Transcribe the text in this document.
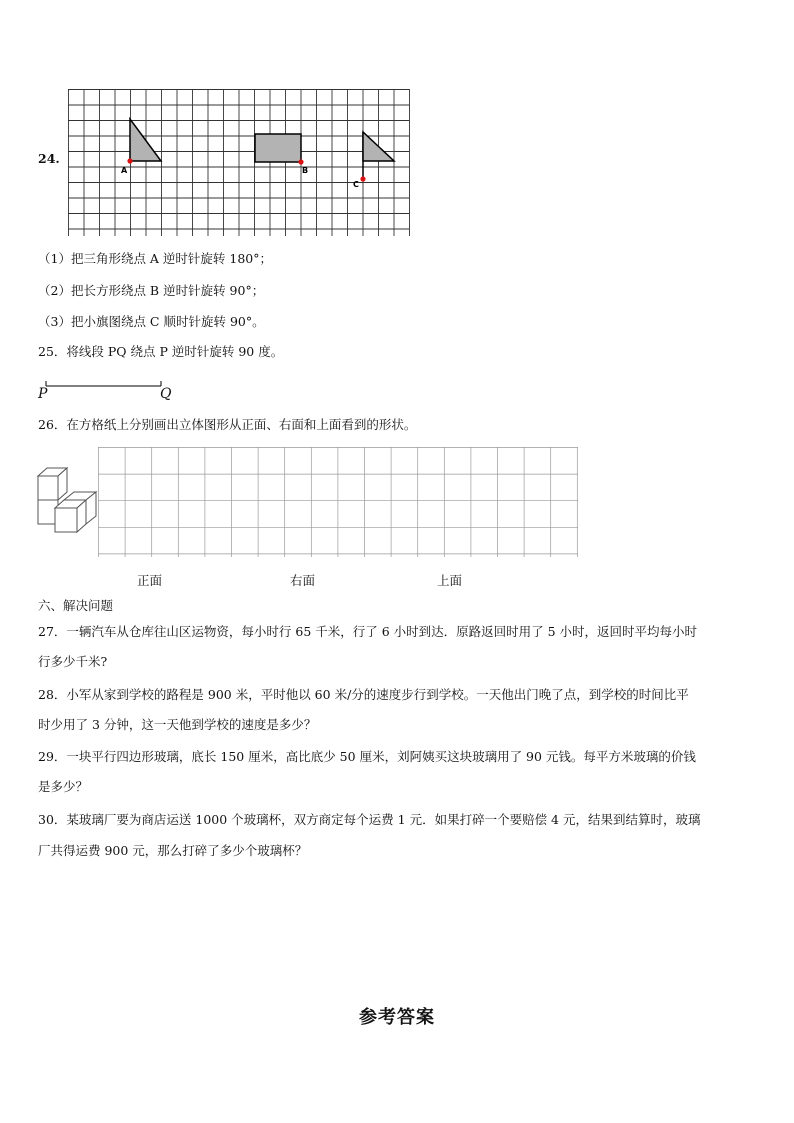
24.
A	B
C
（1）把三角形绕点 A 逆时针旋转 180°；
（2）把长方形绕点 B 逆时针旋转 90°；
（3）把小旗图绕点 C 顺时针旋转 90°。
25．将线段 PQ 绕点 P 逆时针旋转 90 度。
P	Q
26．在方格纸上分别画出立体图形从正面、右面和上面看到的形状。
正面	右面	上面
六、解决问题
27．一辆汽车从仓库往山区运物资，每小时行 65 千米，行了 6 小时到达．原路返回时用了 5 小时，返回时平均每小时
行多少千米?
28．小军从家到学校的路程是 900 米，平时他以 60 米/分的速度步行到学校。一天他出门晚了点，到学校的时间比平
时少用了 3 分钟，这一天他到学校的速度是多少？
29．一块平行四边形玻璃，底长 150 厘米，高比底少 50 厘米，刘阿姨买这块玻璃用了 90 元钱。每平方米玻璃的价钱
是多少？
30．某玻璃厂要为商店运送 1000 个玻璃杯，双方商定每个运费 1 元．如果打碎一个要赔偿 4 元，结果到结算时，玻璃
厂共得运费 900 元，那么打碎了多少个玻璃杯？
参考答案
